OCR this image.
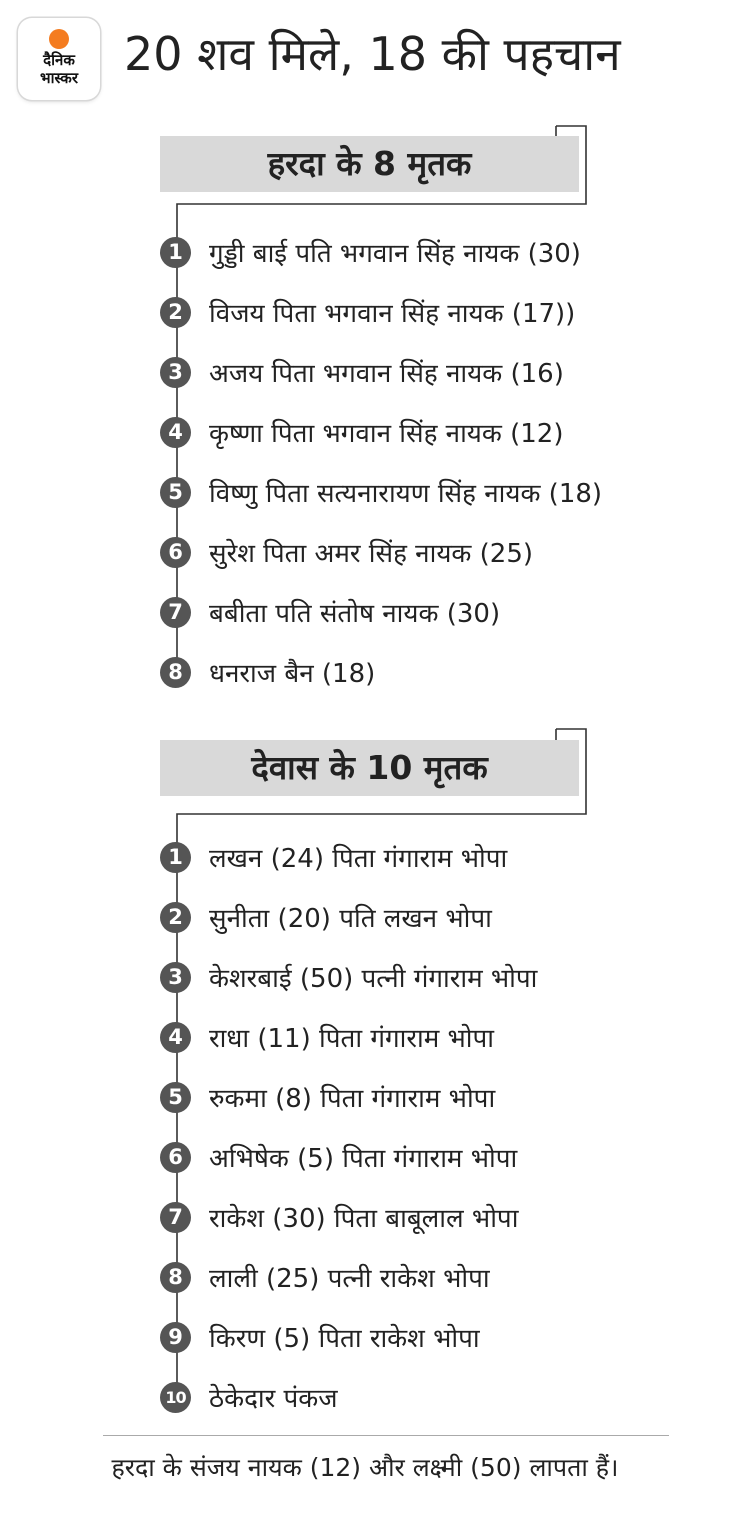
दैनिक
भास्कर	20 शव मिले, 18 की पहचान
हरदा के 8 मृतक
1	गुड्डी बाई पति भगवान सिंह नायक (30)
2	विजय पिता भगवान सिंह नायक (17))
3	अजय पिता भगवान सिंह नायक (16)
4	कृष्णा पिता भगवान सिंह नायक (12)
5	विष्णु पिता सत्यनारायण सिंह नायक (18)
6	सुरेश पिता अमर सिंह नायक (25)
7	बबीता पति संतोष नायक (30)
8	धनराज बैन (18)
देवास के 10 मृतक
1	लखन (24) पिता गंगाराम भोपा
2	सुनीता (20) पति लखन भोपा
3	केशरबाई (50) पत्नी गंगाराम भोपा
4	राधा (11) पिता गंगाराम भोपा
5	रुकमा (8) पिता गंगाराम भोपा
6	अभिषेक (5) पिता गंगाराम भोपा
7	राकेश (30) पिता बाबूलाल भोपा
8	लाली (25) पत्नी राकेश भोपा
9	किरण (5) पिता राकेश भोपा
10 ठेकेदार पंकज
हरदा के संजय नायक (12) और लक्ष्मी (50) लापता हैं।
